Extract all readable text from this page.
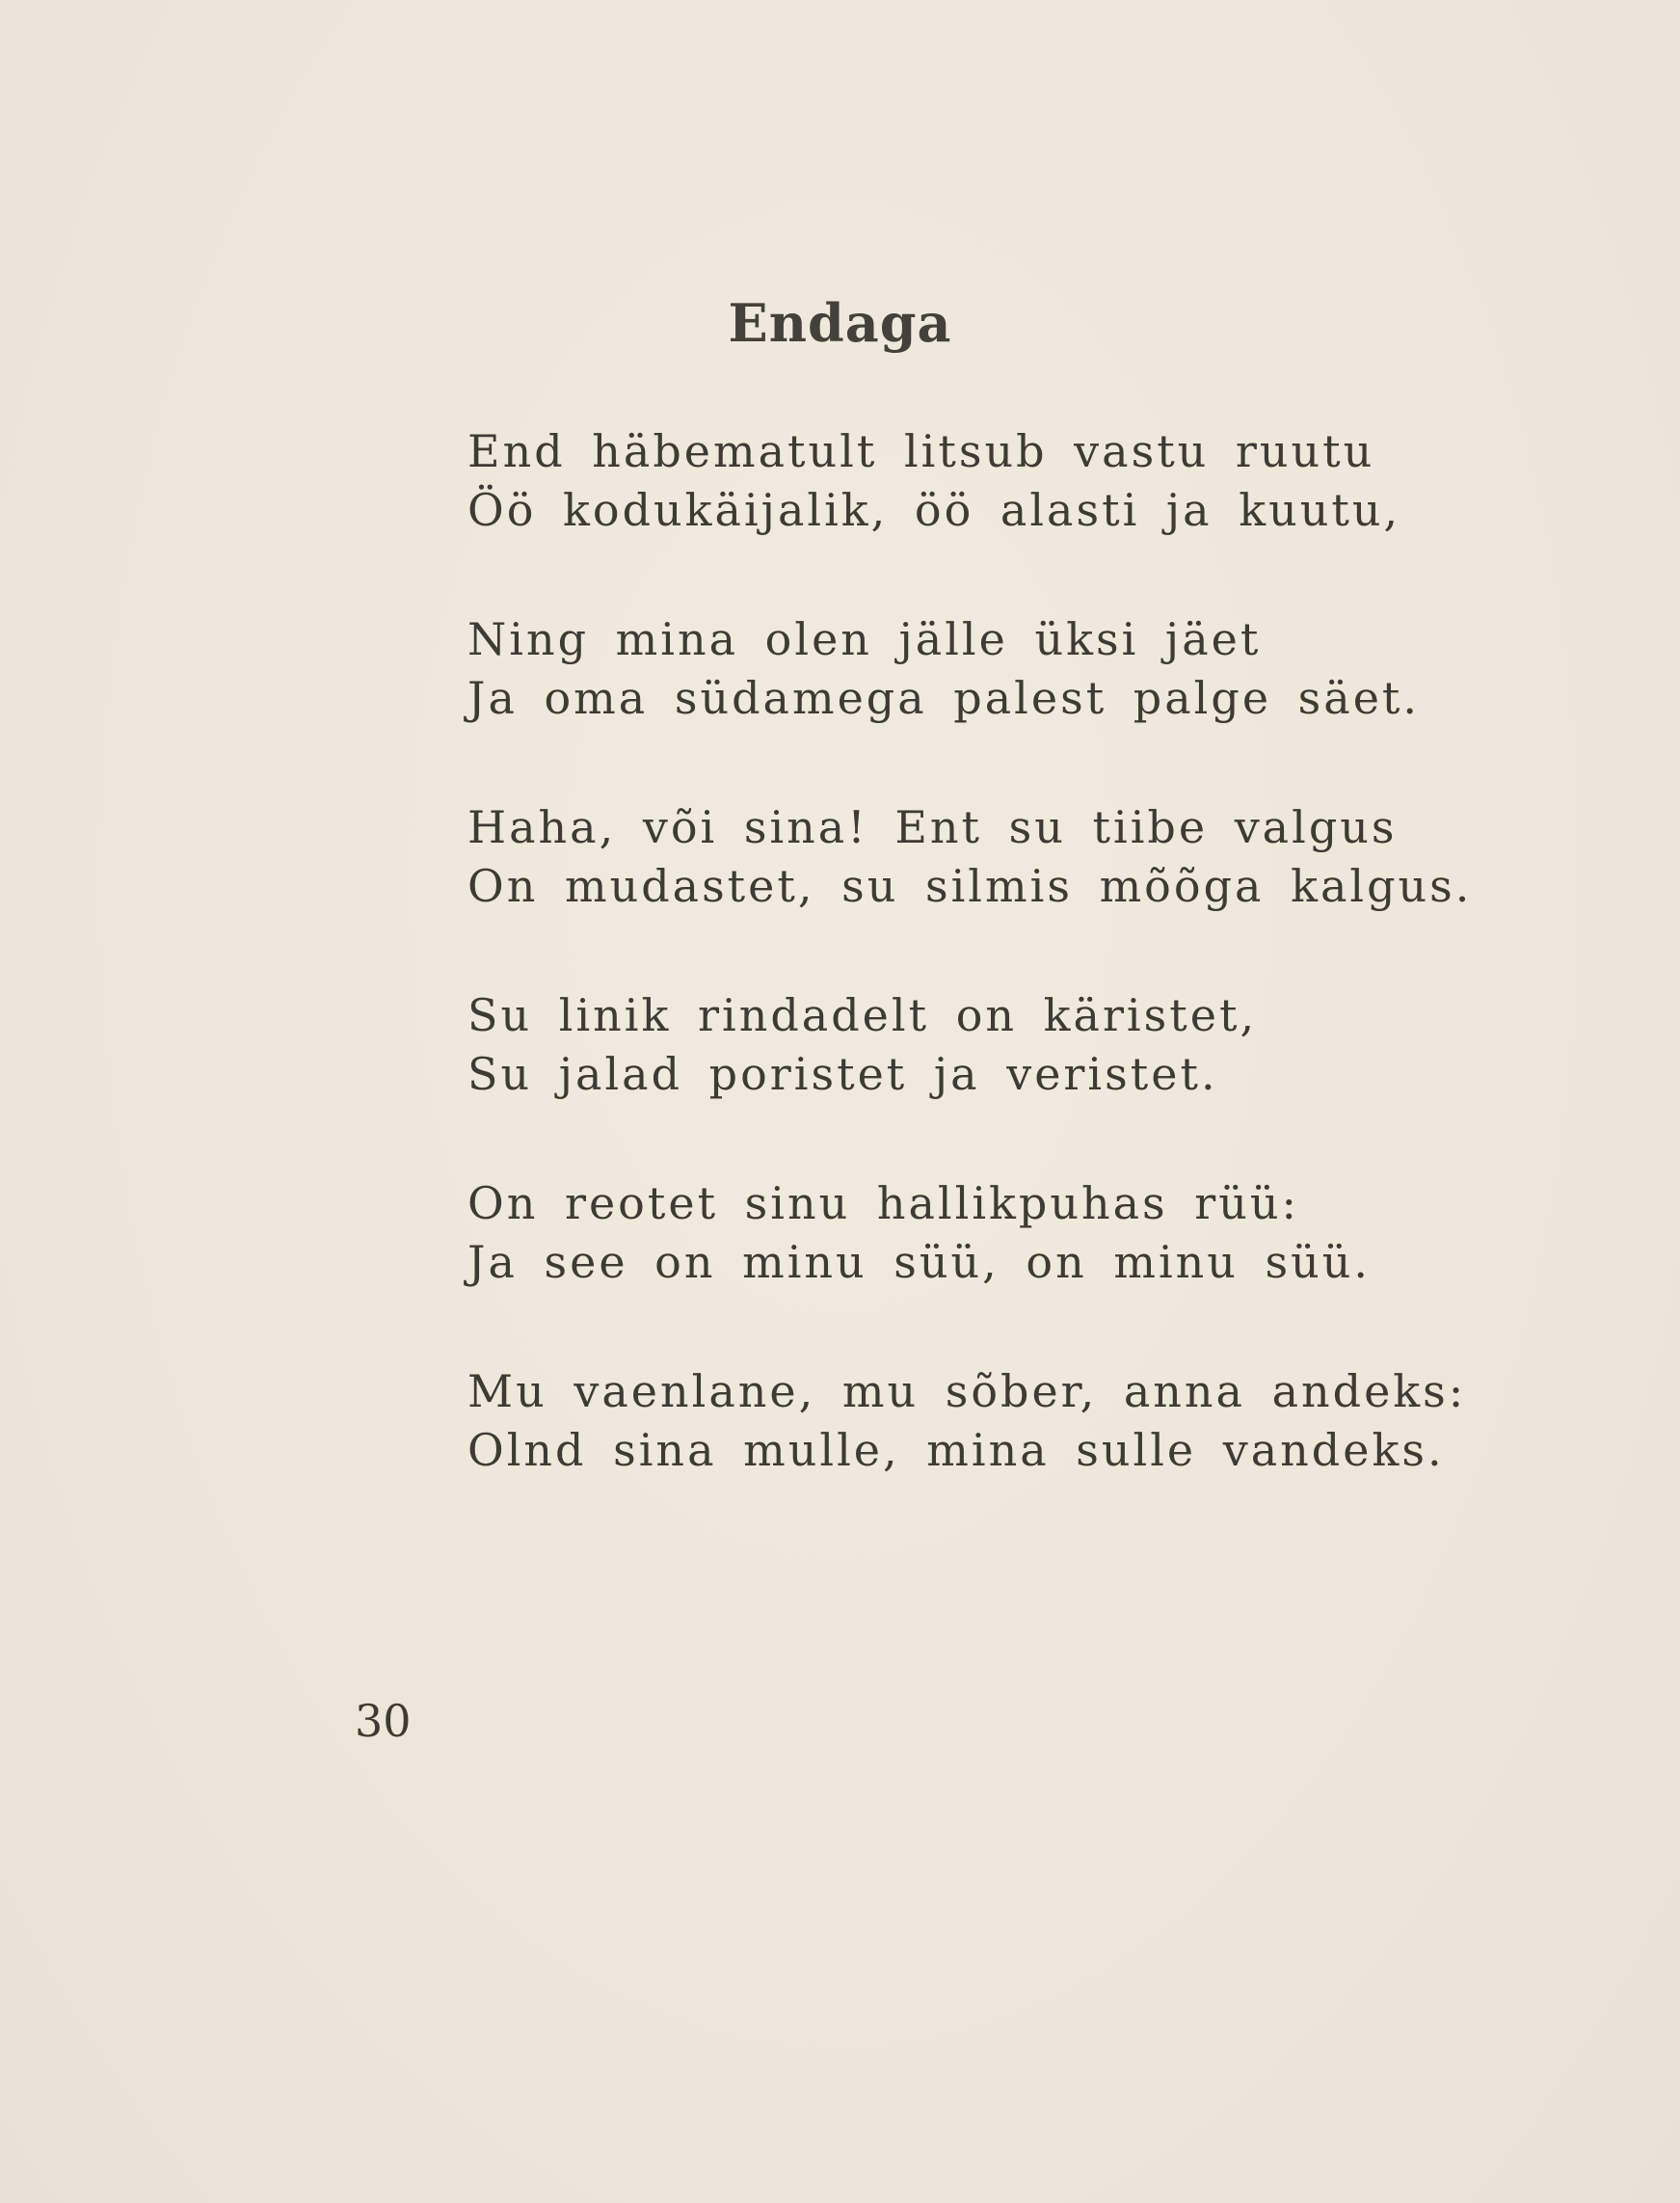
Endaga
End häbematult litsub vastu ruutu
Öö kodukäijalik, öö alasti ja kuutu,
Ning mina olen jälle üksi jäet
Ja oma südamega palest palge säet.
Haha, või sina! Ent su tiibe valgus
On mudastet, su silmis mõõga kalgus.
Su linik rindadelt on käristet,
Su jalad poristet ja veristet.
On reotet sinu hallikpuhas rüü:
Ja see on minu süü, on minu süü.
Mu vaenlane, mu sõber, anna andeks:
Olnd sina mulle, mina sulle vandeks.
30
